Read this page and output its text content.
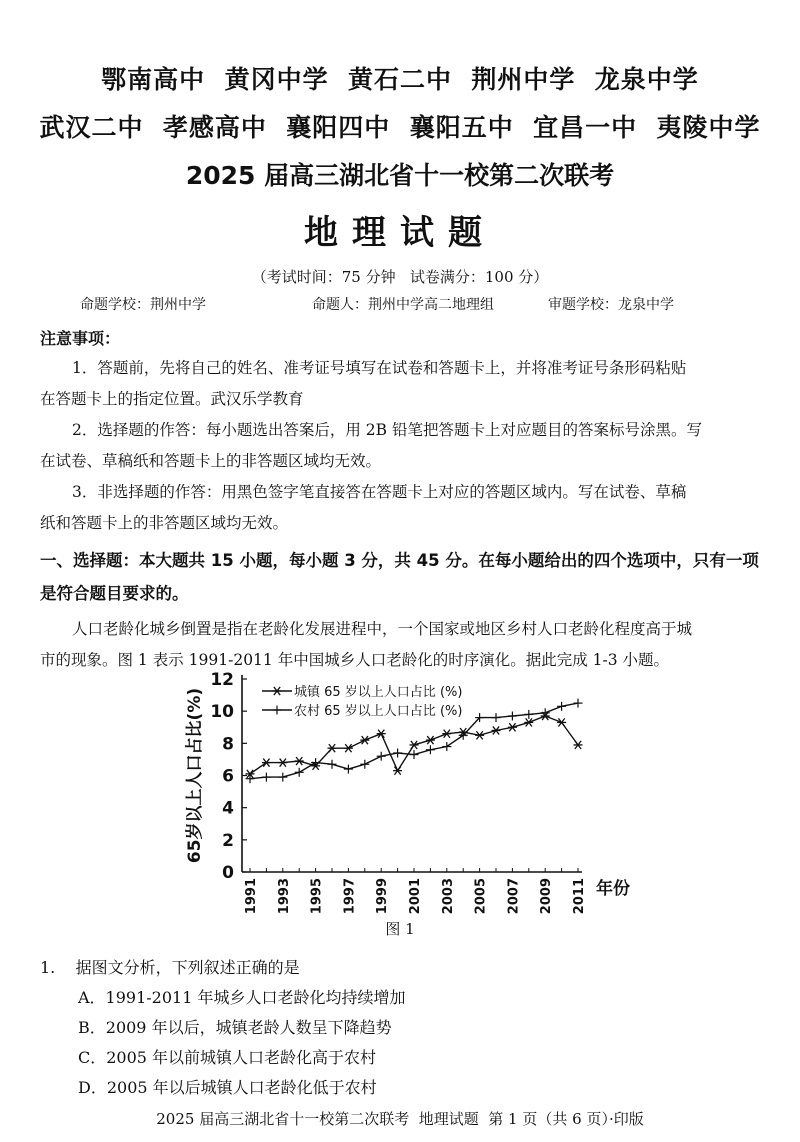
鄂南高中  黄冈中学  黄石二中  荆州中学  龙泉中学
武汉二中  孝感高中  襄阳四中  襄阳五中  宜昌一中  夷陵中学
2025 届高三湖北省十一校第二次联考
地理试题
（考试时间：75 分钟   试卷满分：100 分）
命题学校：荆州中学	命题人：荆州中学高二地理组	审题学校：龙泉中学
注意事项：
1．答题前，先将自己的姓名、准考证号填写在试卷和答题卡上，并将准考证号条形码粘贴
在答题卡上的指定位置。武汉乐学教育
2．选择题的作答：每小题选出答案后，用 2B 铅笔把答题卡上对应题目的答案标号涂黑。写
在试卷、草稿纸和答题卡上的非答题区域均无效。
3．非选择题的作答：用黑色签字笔直接答在答题卡上对应的答题区域内。写在试卷、草稿
纸和答题卡上的非答题区域均无效。
一、选择题：本大题共 15 小题，每小题 3 分，共 45 分。在每小题给出的四个选项中，只有一项
是符合题目要求的。
人口老龄化城乡倒置是指在老龄化发展进程中，一个国家或地区乡村人口老龄化程度高于城
市的现象。图 1 表示 1991-2011 年中国城乡人口老龄化的时序演化。据此完成 1-3 小题。
0
2
4
6
8
10
12
1991 1993 1995 1997 1999 2001 2003 2005 2007 2009 2011
城镇 65 岁以上人口占比 (%)
农村 65 岁以上人口占比 (%)
65岁以上人口占比(%)
年份
图 1
1.    据图文分析，下列叙述正确的是
A．1991-2011 年城乡人口老龄化均持续增加
B．2009 年以后，城镇老龄人数呈下降趋势
C．2005 年以前城镇人口老龄化高于农村
D．2005 年以后城镇人口老龄化低于农村
2025 届高三湖北省十一校第二次联考  地理试题  第 1 页（共 6 页）·印版
